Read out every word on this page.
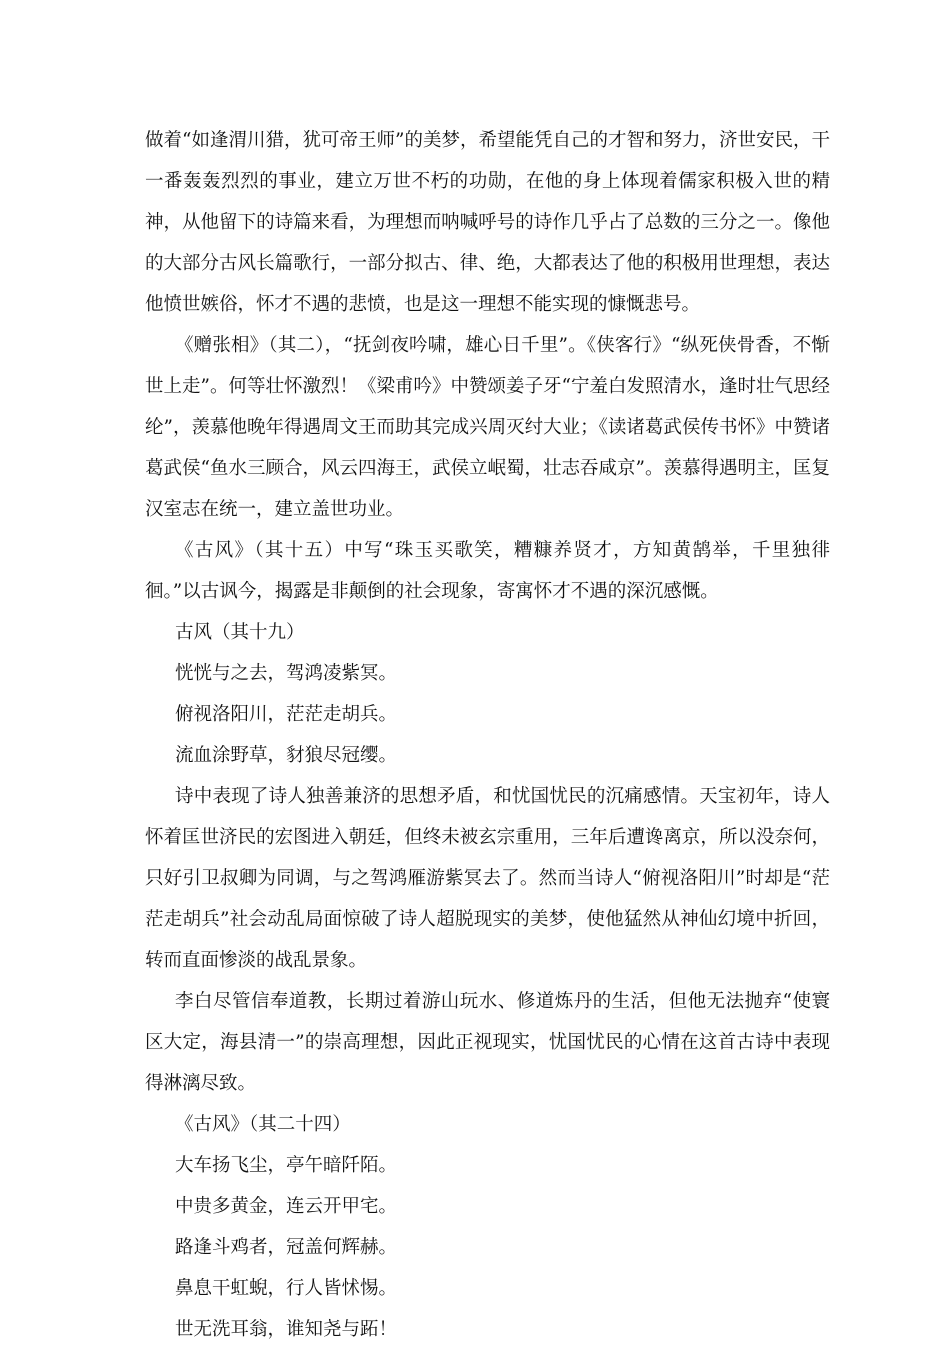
做着“如逢渭川猎，犹可帝王师”的美梦，希望能凭自己的才智和努力，济世安民，干一番轰轰烈烈的事业，建立万世不朽的功勋，在他的身上体现着儒家积极入世的精神，从他留下的诗篇来看，为理想而呐喊呼号的诗作几乎占了总数的三分之一。像他的大部分古风长篇歌行，一部分拟古、律、绝，大都表达了他的积极用世理想，表达他愤世嫉俗，怀才不遇的悲愤，也是这一理想不能实现的慷慨悲号。

《赠张相》（其二），“抚剑夜吟啸，雄心日千里”。《侠客行》“纵死侠骨香，不惭世上走”。何等壮怀激烈！《梁甫吟》中赞颂姜子牙“宁羞白发照清水，逢时壮气思经纶”，羡慕他晚年得遇周文王而助其完成兴周灭纣大业；《读诸葛武侯传书怀》中赞诸葛武侯“鱼水三顾合，风云四海王，武侯立岷蜀，壮志吞咸京”。羡慕得遇明主，匡复汉室志在统一，建立盖世功业。

《古风》（其十五）中写“珠玉买歌笑，糟糠养贤才，方知黄鹄举，千里独徘徊。”以古讽今，揭露是非颠倒的社会现象，寄寓怀才不遇的深沉感慨。

古风（其十九）

恍恍与之去，驾鸿凌紫冥。

俯视洛阳川，茫茫走胡兵。

流血涂野草，豺狼尽冠缨。

诗中表现了诗人独善兼济的思想矛盾，和忧国忧民的沉痛感情。天宝初年，诗人怀着匡世济民的宏图进入朝廷，但终未被玄宗重用，三年后遭谗离京，所以没奈何，只好引卫叔卿为同调，与之驾鸿雁游紫冥去了。然而当诗人“俯视洛阳川”时却是“茫茫走胡兵”社会动乱局面惊破了诗人超脱现实的美梦，使他猛然从神仙幻境中折回，转而直面惨淡的战乱景象。

李白尽管信奉道教，长期过着游山玩水、修道炼丹的生活，但他无法抛弃“使寰区大定，海县清一”的崇高理想，因此正视现实，忧国忧民的心情在这首古诗中表现得淋漓尽致。

《古风》（其二十四）

大车扬飞尘，亭午暗阡陌。

中贵多黄金，连云开甲宅。

路逢斗鸡者，冠盖何辉赫。

鼻息干虹蜺，行人皆怵惕。

世无洗耳翁，谁知尧与跖！
